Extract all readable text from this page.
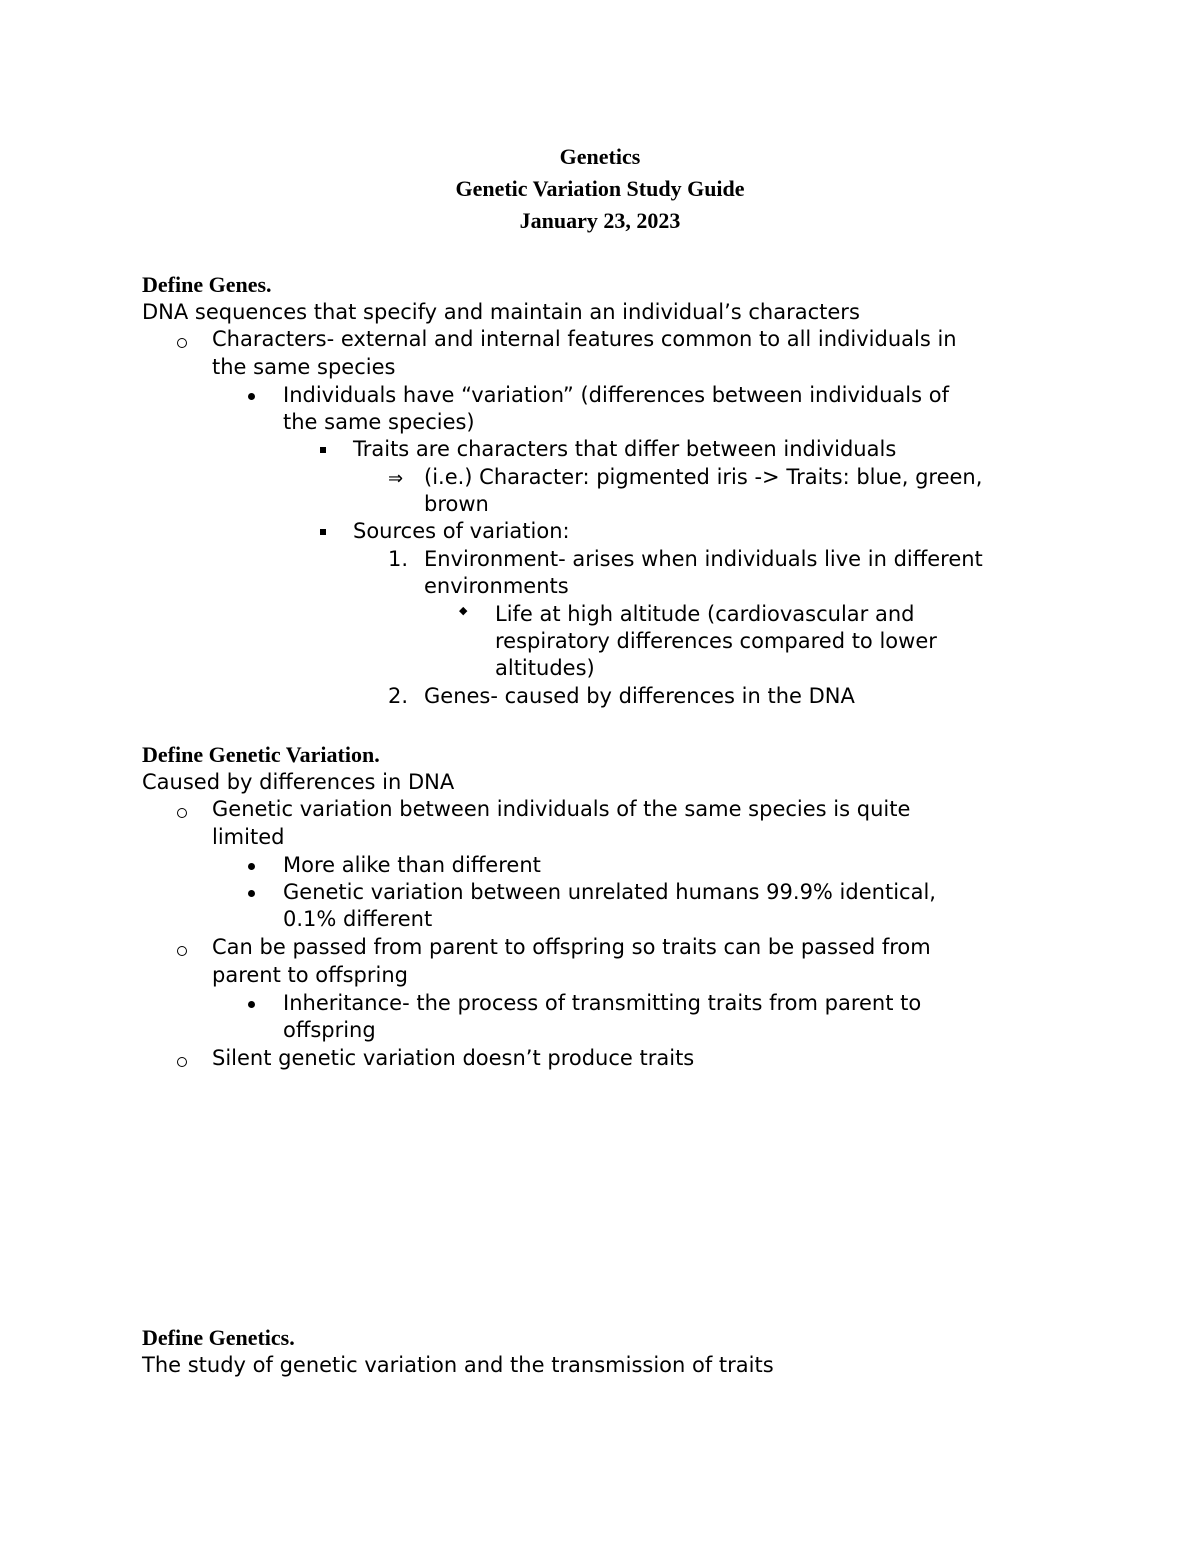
Genetics
Genetic Variation Study Guide
January 23, 2023
Define Genes.
DNA sequences that specify and maintain an individual’s characters
Characters- external and internal features common to all individuals in
the same species
Individuals have “variation” (differences between individuals of
the same species)
Traits are characters that differ between individuals
⇒ (i.e.) Character: pigmented iris -> Traits: blue, green,
brown
Sources of variation:
1. Environment- arises when individuals live in different
environments
◆ Life at high altitude (cardiovascular and
respiratory differences compared to lower
altitudes)
2. Genes- caused by differences in the DNA
Define Genetic Variation.
Caused by differences in DNA
Genetic variation between individuals of the same species is quite
limited
More alike than different
Genetic variation between unrelated humans 99.9% identical,
0.1% different
Can be passed from parent to offspring so traits can be passed from
parent to offspring
Inheritance- the process of transmitting traits from parent to
offspring
Silent genetic variation doesn’t produce traits
Define Genetics.
The study of genetic variation and the transmission of traits
